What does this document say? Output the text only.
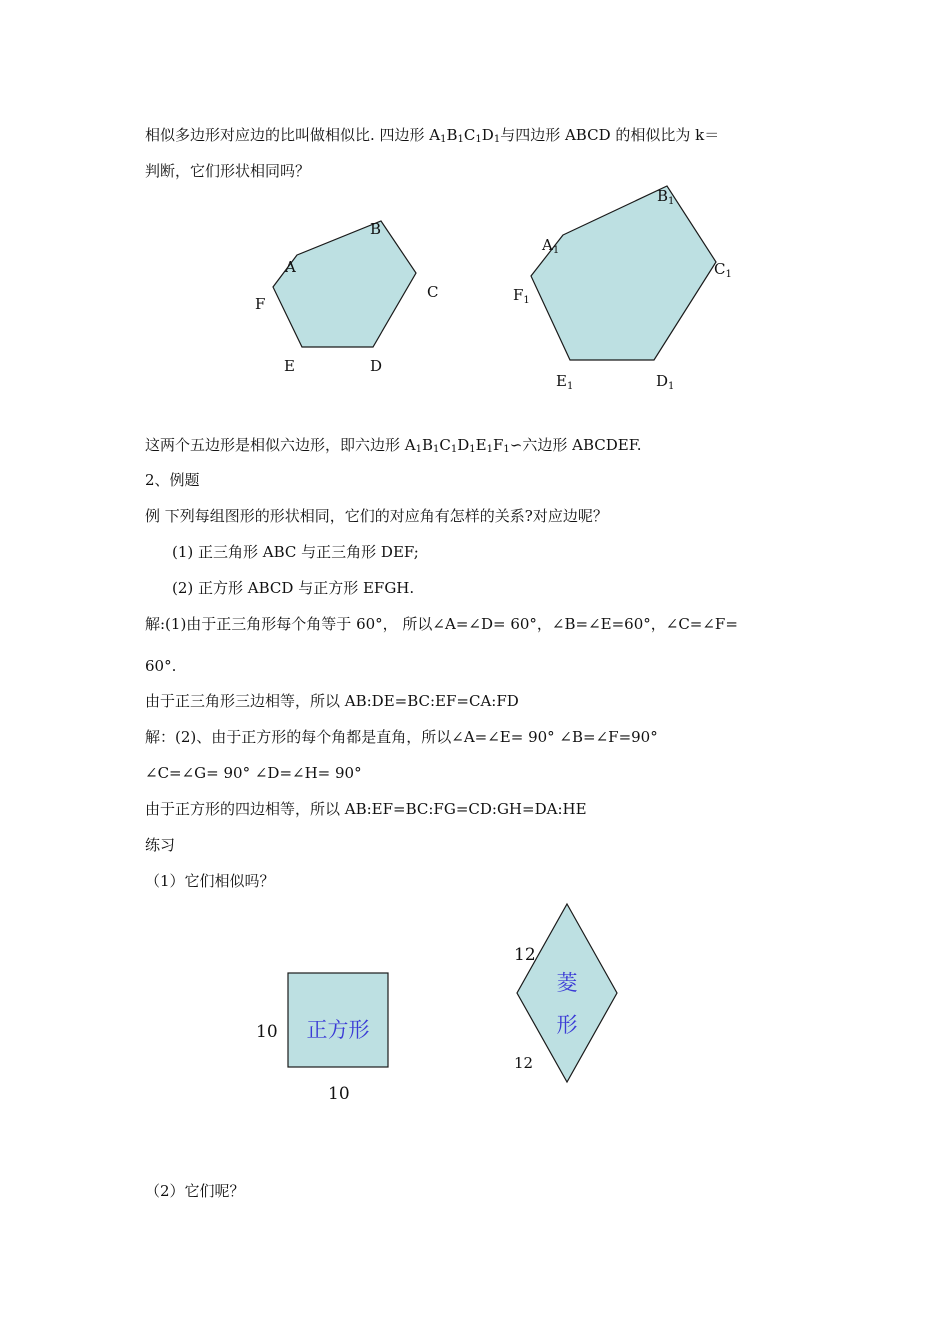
相似多边形对应边的比叫做相似比. 四边形 $A_1B_1C_1D_1$与四边形 ABCD 的相似比为 k＝
判断，它们形状相同吗？
这两个五边形是相似六边形，即六边形 $A_1B_1C_1D_1E_1F_1∽$六边形 ABCDEF.
2、例题
例 下列每组图形的形状相同，它们的对应角有怎样的关系?对应边呢？
(1) 正三角形 ABC 与正三角形 DEF;
(2) 正方形 ABCD 与正方形 EFGH.
解:(1)由于正三角形每个角等于 60°， 所以∠A=∠D= 60°，∠B=∠E=60°，∠C=∠F=
60°.
由于正三角形三边相等，所以 AB:DE=BC:EF=CA:FD
解：(2)、由于正方形的每个角都是直角，所以∠A=∠E= 90° ∠B=∠F=90°
∠C=∠G= 90° ∠D=∠H= 90°
由于正方形的四边相等，所以 AB:EF=BC:FG=CD:GH=DA:HE
练习
（1）它们相似吗？
（2）它们呢？
A
B
C
D
E
F
$A_1$
$B_1$
$C_1$
$D_1$
$E_1$
$F_1$
正方形
10
10
菱
形
12
12
